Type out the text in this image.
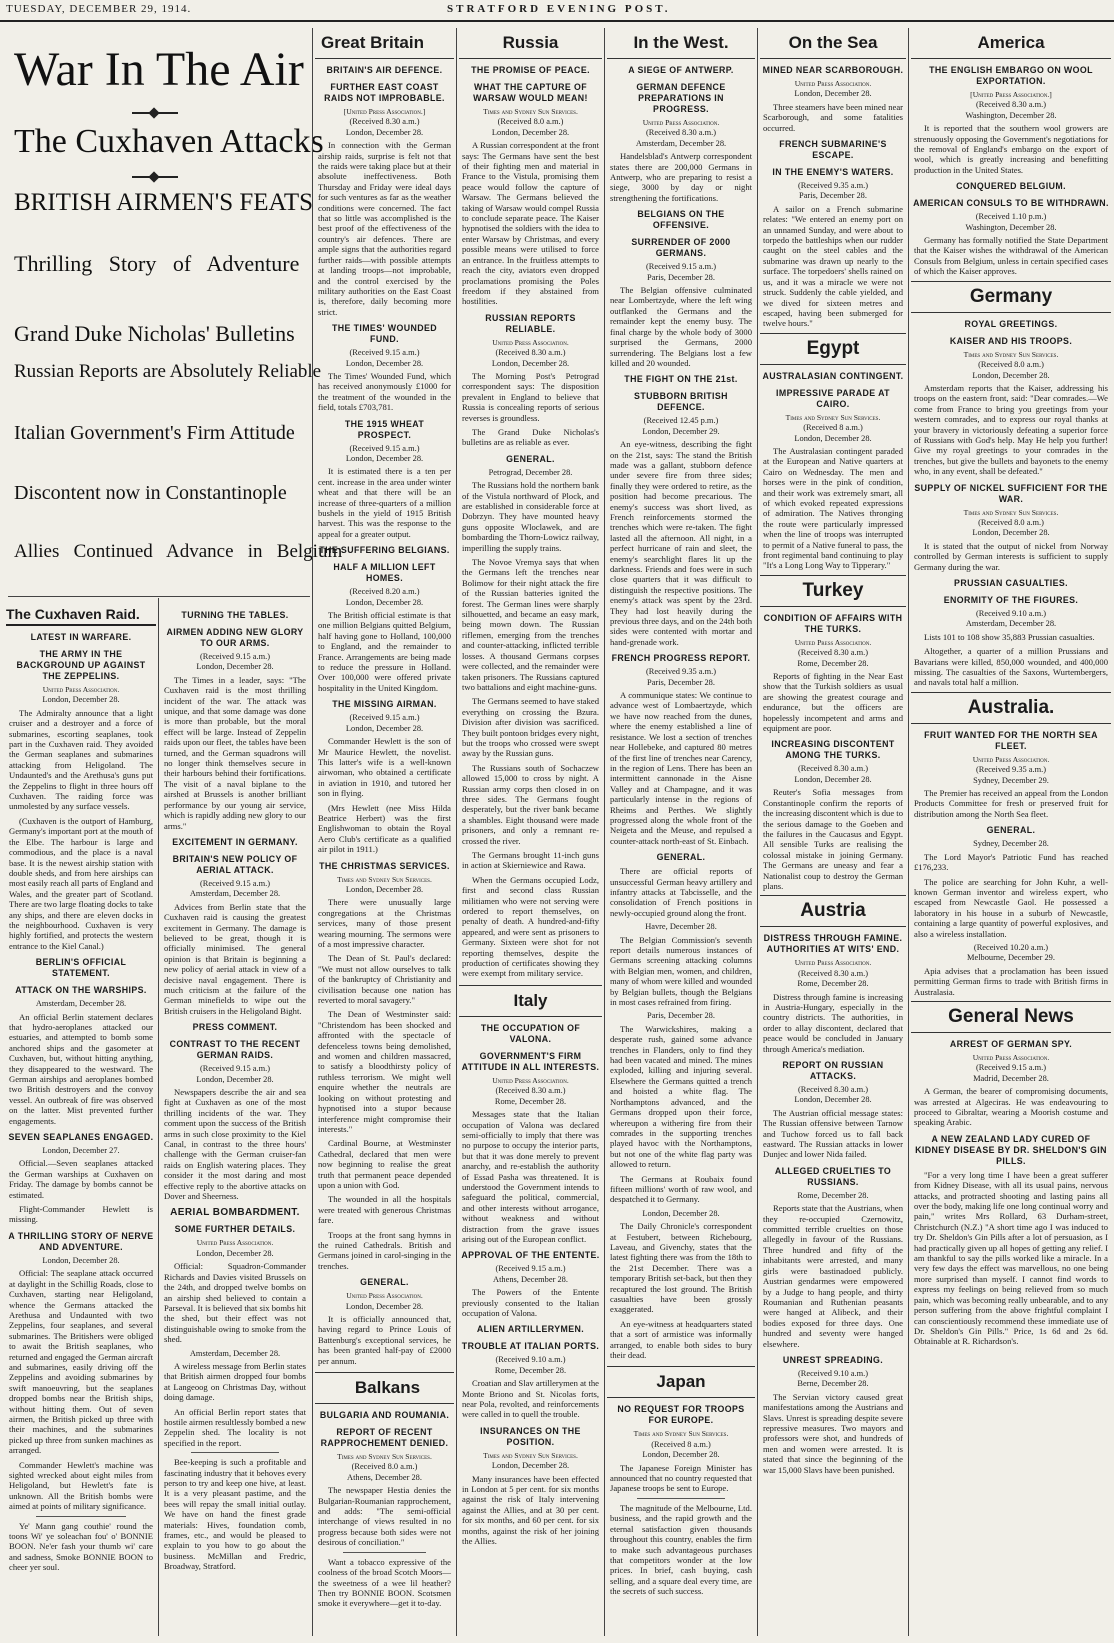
TUESDAY, DECEMBER 29, 1914.	STRATFORD EVENING POST.
War In The Air
The Cuxhaven Attacks
BRITISH AIRMEN'S FEATS
Thrilling   Story   of   Adventure
Grand Duke Nicholas' Bulletins
Russian Reports are Absolutely Reliable
Italian Government's Firm Attitude
Discontent now in Constantinople
Allies   Continued   Advance   in   Belgium
The Cuxhaven Raid.
LATEST IN WARFARE.
THE ARMY IN THE BACKGROUND UP AGAINST THE ZEPPELINS.
United Press Association.

London, December 28.

The Admiralty announce that a light cruiser and a destroyer and a force of submarines, escorting seaplanes, took part in the Cuxhaven raid. They avoided the German seaplanes and submarines attacking from Heligoland. The Undaunted's and the Arethusa's guns put the Zeppelins to flight in three hours off Cuxhaven. The raiding force was unmolested by any surface vessels.

(Cuxhaven is the outport of Hamburg, Germany's important port at the mouth of the Elbe. The harbour is large and commodious, and the place is a naval base. It is the newest airship station with double sheds, and from here airships can most easily reach all parts of England and Wales, and the greater part of Scotland. There are two large floating docks to take any ships, and there are eleven docks in the neighbourhood. Cuxhaven is very highly fortified, and protects the western entrance to the Kiel Canal.)

BERLIN'S OFFICIAL STATEMENT.
ATTACK ON THE WARSHIPS.

Amsterdam, December 28.

An official Berlin statement declares that hydro-aeroplanes attacked our estuaries, and attempted to bomb some anchored ships and the gasometer at Cuxhaven, but, without hitting anything, they disappeared to the westward. The German airships and aeroplanes bombed two British destroyers and the convoy vessel. An outbreak of fire was observed on the latter. Mist prevented further engagements.

SEVEN SEAPLANES ENGAGED.

London, December 27.

Official.—Seven seaplanes attacked the German warships at Cuxhaven on Friday. The damage by bombs cannot be estimated.

Flight-Commander Hewlett is missing.

A THRILLING STORY OF NERVE AND ADVENTURE.

London, December 28.

Official: The seaplane attack occurred at daylight in the Schillig Roads, close to Cuxhaven, starting near Heligoland, whence the Germans attacked the Arethusa and Undaunted with two Zeppelins, four seaplanes, and several submarines. The Britishers were obliged to await the British seaplanes, who returned and engaged the German aircraft and submarines, easily driving off the Zeppelins and avoiding submarines by swift manoeuvring, but the seaplanes dropped bombs near the British ships, without hitting them. Out of seven airmen, the British picked up three with their machines, and the submarines picked up three from sunken machines as arranged.

Commander Hewlett's machine was sighted wrecked about eight miles from Heligoland, but Hewlett's fate is unknown. All the British bombs were aimed at points of military significance.

Ye' Mann gang couthie' round the toons Wi' ye soleachan fou' o' BONNIE BOON. Ne'er fash your thumb wi' care and sadness, Smoke BONNIE BOON to cheer yer soul.

TURNING THE TABLES.
AIRMEN ADDING NEW GLORY TO OUR ARMS.

(Received 9.15 a.m.)

London, December 28.

The Times in a leader, says: "The Cuxhaven raid is the most thrilling incident of the war. The attack was unique, and that some damage was done is more than probable, but the moral effect will be large. Instead of Zeppelin raids upon our fleet, the tables have been turned, and the German squadrons will no longer think themselves secure in their harbours behind their fortifications. The visit of a naval biplane to the airshed at Brussels is another brilliant performance by our young air service, which is rapidly adding new glory to our arms."

EXCITEMENT IN GERMANY.
BRITAIN'S NEW POLICY OF AERIAL ATTACK.

(Received 9.15 a.m.)

Amsterdam, December 28.

Advices from Berlin state that the Cuxhaven raid is causing the greatest excitement in Germany. The damage is believed to be great, though it is officially minimised. The general opinion is that Britain is beginning a new policy of aerial attack in view of a decisive naval engagement. There is much criticism at the failure of the German minefields to wipe out the British cruisers in the Heligoland Bight.

PRESS COMMENT.
CONTRAST TO THE RECENT GERMAN RAIDS.

(Received 9.15 a.m.)

London, December 28.

Newspapers describe the air and sea fight at Cuxhaven as one of the most thrilling incidents of the war. They comment upon the success of the British arms in such close proximity to the Kiel Canal, in contrast to the three hours' challenge with the German cruiser-fan raids on English watering places. They consider it the most daring and most effective reply to the abortive attacks on Dover and Sheerness.

AERIAL BOMBARDMENT.
SOME FURTHER DETAILS.
United Press Association.

London, December 28.

Official: Squadron-Commander Richards and Davies visited Brussels on the 24th, and dropped twelve bombs on an airship shed believed to contain a Parseval. It is believed that six bombs hit the shed, but their effect was not distinguishable owing to smoke from the shed.

Amsterdam, December 28.

A wireless message from Berlin states that British airmen dropped four bombs at Langeoog on Christmas Day, without doing damage.

An official Berlin report states that hostile airmen resultlessly bombed a new Zeppelin shed. The locality is not specified in the report.

Bee-keeping is such a profitable and fascinating industry that it behoves every person to try and keep one hive, at least. It is a very pleasant pastime, and the bees will repay the small initial outlay. We have on hand the finest grade materials: Hives, foundation comb, frames, etc., and would be pleased to explain to you how to go about the business. McMillan and Fredric, Broadway, Stratford.

Great Britain
BRITAIN'S AIR DEFENCE.
FURTHER EAST COAST RAIDS NOT IMPROBABLE.
[United Press Association.]

(Received 8.30 a.m.)

London, December 28.

In connection with the German airship raids, surprise is felt not that the raids were taking place but at their absolute ineffectiveness. Both Thursday and Friday were ideal days for such ventures as far as the weather conditions were concerned. The fact that so little was accomplished is the best proof of the effectiveness of the country's air defences. There are ample signs that the authorities regard further raids—with possible attempts at landing troops—not improbable, and the control exercised by the military authorities on the East Coast is, therefore, daily becoming more strict.

THE TIMES' WOUNDED FUND.

(Received 9.15 a.m.)

London, December 28.

The Times' Wounded Fund, which has received anonymously £1000 for the treatment of the wounded in the field, totals £703,781.

THE 1915 WHEAT PROSPECT.

(Received 9.15 a.m.)

London, December 28.

It is estimated there is a ten per cent. increase in the area under winter wheat and that there will be an increase of three-quarters of a million bushels in the yield of 1915 British harvest. This was the response to the appeal for a greater output.

THE SUFFERING BELGIANS.
HALF A MILLION LEFT HOMES.

(Received 8.20 a.m.)

London, December 28.

The British official estimate is that one million Belgians quitted Belgium, half having gone to Holland, 100,000 to England, and the remainder to France. Arrangements are being made to reduce the pressure in Holland. Over 100,000 were offered private hospitality in the United Kingdom.

THE MISSING AIRMAN.

(Received 9.15 a.m.)

London, December 28.

Commander Hewlett is the son of Mr Maurice Hewlett, the novelist. This latter's wife is a well-known airwoman, who obtained a certificate in aviation in 1910, and tutored her son in flying.

(Mrs Hewlett (nee Miss Hilda Beatrice Herbert) was the first Englishwoman to obtain the Royal Aero Club's certificate as a qualified air pilot in 1911.)

THE CHRISTMAS SERVICES.
Times and Sydney Sun Services.

London, December 28.

There were unusually large congregations at the Christmas services, many of those present wearing mourning. The sermons were of a most impressive character.

The Dean of St. Paul's declared: "We must not allow ourselves to talk of the bankruptcy of Christianity and civilisation because one nation has reverted to moral savagery."

The Dean of Westminster said: "Christendom has been shocked and affronted with the spectacle of defenceless towns being demolished, and women and children massacred, to satisfy a bloodthirsty policy of ruthless terrorism. We might well enquire whether the neutrals are looking on without protesting and hypnotised into a stupor because interference might compromise their interests."

Cardinal Bourne, at Westminster Cathedral, declared that men were now beginning to realise the great truth that permanent peace depended upon a union with God.

The wounded in all the hospitals were treated with generous Christmas fare.

Troops at the front sang hymns in the ruined Cathedrals. British and Germans joined in carol-singing in the trenches.

GENERAL.
United Press Association.

London, December 28.

It is officially announced that, having regard to Prince Louis of Battenburg's exceptional services, he has been granted half-pay of £2000 per annum.

Balkans
BULGARIA AND ROUMANIA.
REPORT OF RECENT RAPPROCHEMENT DENIED.
Times and Sydney Sun Services.

(Received 8.0 a.m.)

Athens, December 28.

The newspaper Hestia denies the Bulgarian-Roumanian rapprochement, and adds: "The semi-official interchange of views resulted in no progress because both sides were not desirous of conciliation."

Want a tobacco expressive of the coolness of the broad Scotch Moors—the sweetness of a wee lil heather? Then try BONNIE BOON. Scotsmen smoke it everywhere—get it to-day.

Russia
THE PROMISE OF PEACE.
WHAT THE CAPTURE OF WARSAW WOULD MEAN!
Times and Sydney Sun Services.

(Received 8.0 a.m.)

London, December 28.

A Russian correspondent at the front says: The Germans have sent the best of their fighting men and material in France to the Vistula, promising them peace would follow the capture of Warsaw. The Germans believed the taking of Warsaw would compel Russia to conclude separate peace. The Kaiser hypnotised the soldiers with the idea to enter Warsaw by Christmas, and every possible means were utilised to force an entrance. In the fruitless attempts to reach the city, aviators even dropped proclamations promising the Poles freedom if they abstained from hostilities.

RUSSIAN REPORTS RELIABLE.
United Press Association.

(Received 8.30 a.m.)

London, December 28.

The Morning Post's Petrograd correspondent says: The disposition prevalent in England to believe that Russia is concealing reports of serious reverses is groundless.

The Grand Duke Nicholas's bulletins are as reliable as ever.

GENERAL.

Petrograd, December 28.

The Russians hold the northern bank of the Vistula northward of Plock, and are established in considerable force at Dobrzyn. They have mounted heavy guns opposite Wloclawek, and are bombarding the Thorn-Lowicz railway, imperilling the supply trains.

The Novoe Vremya says that when the Germans left the trenches near Bolimow for their night attack the fire of the Russian batteries ignited the forest. The German lines were sharply silhouetted, and became an easy mark, being mown down. The Russian riflemen, emerging from the trenches and counter-attacking, inflicted terrible losses. A thousand Germans corpses were collected, and the remainder were taken prisoners. The Russians captured two battalions and eight machine-guns.

The Germans seemed to have staked everything on crossing the Bzura. Division after division was sacrificed. They built pontoon bridges every night, but the troops who crossed were swept away by the Russian guns.

The Russians south of Sochaczew allowed 15,000 to cross by night. A Russian army corps then closed in on three sides. The Germans fought desperately, but the river bank became a shambles. Eight thousand were made prisoners, and only a remnant re-crossed the river.

The Germans brought 11-inch guns in action at Skierniewice and Rawa.

When the Germans occupied Lodz, first and second class Russian militiamen who were not serving were ordered to report themselves, on penalty of death. A hundred-and-fifty appeared, and were sent as prisoners to Germany. Sixteen were shot for not reporting themselves, despite the production of certificates showing they were exempt from military service.

Italy
THE OCCUPATION OF VALONA.
GOVERNMENT'S FIRM ATTITUDE IN ALL INTERESTS.
United Press Association.

(Received 8.30 a.m.)

Rome, December 28.

Messages state that the Italian occupation of Valona was declared semi-officially to imply that there was no purpose to occupy the interior parts, but that it was done merely to prevent anarchy, and re-establish the authority of Essad Pasha was threatened. It is understood the Government intends to safeguard the political, commercial, and other interests without arrogance, without weakness and without distraction from the grave issues arising out of the European conflict.

APPROVAL OF THE ENTENTE.

(Received 9.15 a.m.)

Athens, December 28.

The Powers of the Entente previously consented to the Italian occupation of Valona.

ALIEN ARTILLERYMEN.
TROUBLE AT ITALIAN PORTS.

(Received 9.10 a.m.)

Rome, December 28.

Croatian and Slav artillerymen at the Monte Briono and St. Nicolas forts, near Pola, revolted, and reinforcements were called in to quell the trouble.

INSURANCES ON THE POSITION.
Times and Sydney Sun Services.

London, December 28.

Many insurances have been effected in London at 5 per cent. for six months against the risk of Italy intervening against the Allies, and at 30 per cent. for six months, and 60 per cent. for six months, against the risk of her joining the Allies.

In the West.
A SIEGE OF ANTWERP.
GERMAN DEFENCE PREPARATIONS IN PROGRESS.
United Press Association.

(Received 8.30 a.m.)

Amsterdam, December 28.

Handelsblad's Antwerp correspondent states there are 200,000 Germans in Antwerp, who are preparing to resist a siege, 3000 by day or night strengthening the fortifications.

BELGIANS ON THE OFFENSIVE.
SURRENDER OF 2000 GERMANS.

(Received 9.15 a.m.)

Paris, December 28.

The Belgian offensive culminated near Lombertzyde, where the left wing outflanked the Germans and the remainder kept the enemy busy. The final charge by the whole body of 3000 surprised the Germans, 2000 surrendering. The Belgians lost a few killed and 20 wounded.

THE FIGHT ON THE 21st.
STUBBORN BRITISH DEFENCE.

(Received 12.45 p.m.)

London, December 29.

An eye-witness, describing the fight on the 21st, says: The stand the British made was a gallant, stubborn defence under severe fire from three sides; finally they were ordered to retire, as the position had become precarious. The enemy's success was short lived, as French reinforcements stormed the trenches which were re-taken. The fight lasted all the afternoon. All night, in a perfect hurricane of rain and sleet, the enemy's searchlight flares lit up the darkness. Friends and foes were in such close quarters that it was difficult to distinguish the respective positions. The enemy's attack was spent by the 23rd. They had lost heavily during the previous three days, and on the 24th both sides were contented with mortar and hand-grenade work.

FRENCH PROGRESS REPORT.

(Received 9.35 a.m.)

Paris, December 28.

A communique states: We continue to advance west of Lombaertzyde, which we have now reached from the dunes, where the enemy established a line of resistance. We lost a section of trenches near Hollebeke, and captured 80 metres of the first line of trenches near Carency, in the region of Lens. There has been an intermittent cannonade in the Aisne Valley and at Champagne, and it was particularly intense in the regions of Rheims and Perthes. We slightly progressed along the whole front of the Neigeta and the Meuse, and repulsed a counter-attack north-east of St. Einbach.

GENERAL.

There are official reports of unsuccessful German heavy artillery and infantry attacks at Tabcisselle, and the consolidation of French positions in newly-occupied ground along the front.

Havre, December 28.

The Belgian Commission's seventh report details numerous instances of Germans screening attacking columns with Belgian men, women, and children, many of whom were killed and wounded by Belgian bullets, though the Belgians in most cases refrained from firing.

Paris, December 28.

The Warwickshires, making a desperate rush, gained some advance trenches in Flanders, only to find they had been vacated and mined. The mines exploded, killing and injuring several. Elsewhere the Germans quitted a trench and hoisted a white flag. The Northamptons advanced, and the Germans dropped upon their force, whereupon a withering fire from their comrades in the supporting trenches played havoc with the Northamptons, but not one of the white flag party was allowed to return.

The Germans at Roubaix found fifteen millions' worth of raw wool, and despatched it to Germany.

London, December 28.

The Daily Chronicle's correspondent at Festubert, between Richebourg, Laveau, and Givenchy, states that the latest fighting there was from the 18th to the 21st December. There was a temporary British set-back, but then they recaptured the lost ground. The British casualties have been grossly exaggerated.

An eye-witness at headquarters stated that a sort of armistice was informally arranged, to enable both sides to bury their dead.

Japan
NO REQUEST FOR TROOPS FOR EUROPE.
Times and Sydney Sun Services.

(Received 8 a.m.)

London, December 28.

The Japanese Foreign Minister has announced that no country requested that Japanese troops be sent to Europe.

The magnitude of the Melbourne, Ltd. business, and the rapid growth and the eternal satisfaction given thousands throughout this country, enables the firm to make such advantageous purchases that competitors wonder at the low prices. In brief, cash buying, cash selling, and a square deal every time, are the secrets of such success.

On the Sea
MINED NEAR SCARBOROUGH.
United Press Association.

London, December 28.

Three steamers have been mined near Scarborough, and some fatalities occurred.

FRENCH SUBMARINE'S ESCAPE.
IN THE ENEMY'S WATERS.

(Received 9.35 a.m.)

Paris, December 28.

A sailor on a French submarine relates: "We entered an enemy port on an unnamed Sunday, and were about to torpedo the battleships when our rudder caught on the steel cables and the submarine was drawn up nearly to the surface. The torpedoers' shells rained on us, and it was a miracle we were not struck. Suddenly the cable yielded, and we dived for sixteen metres and escaped, having been submerged for twelve hours."

Egypt
AUSTRALASIAN CONTINGENT.
IMPRESSIVE PARADE AT CAIRO.
Times and Sydney Sun Services.

(Received 8 a.m.)

London, December 28.

The Australasian contingent paraded at the European and Native quarters at Cairo on Wednesday. The men and horses were in the pink of condition, and their work was extremely smart, all of which evoked repeated expressions of admiration. The Natives thronging the route were particularly impressed when the line of troops was interrupted to permit of a Native funeral to pass, the front regimental band continuing to play "It's a Long Long Way to Tipperary."

Turkey
CONDITION OF AFFAIRS WITH THE TURKS.
United Press Association.

(Received 8.30 a.m.)

Rome, December 28.

Reports of fighting in the Near East show that the Turkish soldiers as usual are showing the greatest courage and endurance, but the officers are hopelessly incompetent and arms and equipment are poor.

INCREASING DISCONTENT AMONG THE TURKS.

(Received 8.30 a.m.)

London, December 28.

Reuter's Sofia messages from Constantinople confirm the reports of the increasing discontent which is due to the serious damage to the Goeben and the failures in the Caucasus and Egypt. All sensible Turks are realising the colossal mistake in joining Germany. The Germans are uneasy and fear a Nationalist coup to destroy the German plans.

Austria
DISTRESS THROUGH FAMINE. AUTHORITIES AT WITS' END.
United Press Association.

(Received 8.30 a.m.)

Rome, December 28.

Distress through famine is increasing in Austria-Hungary, especially in the country districts. The authorities, in order to allay discontent, declared that peace would be concluded in January through America's mediation.

REPORT ON RUSSIAN ATTACKS.

(Received 8.30 a.m.)

London, December 28.

The Austrian official message states: The Russian offensive between Tarnow and Tuchow forced us to fall back eastward. The Russian attacks in lower Dunjec and lower Nida failed.

ALLEGED CRUELTIES TO RUSSIANS.

Rome, December 28.

Reports state that the Austrians, when they re-occupied Czernowitz, committed terrible cruelties on those allegedly in favour of the Russians. Three hundred and fifty of the inhabitants were arrested, and many girls were bastinadoed publicly. Austrian gendarmes were empowered by a Judge to hang people, and thirty Roumanian and Ruthenian peasants were hanged at Alibeck, and their bodies exposed for three days. One hundred and seventy were hanged elsewhere.

UNREST SPREADING.

(Received 9.10 a.m.)

Berne, December 28.

The Servian victory caused great manifestations among the Austrians and Slavs. Unrest is spreading despite severe repressive measures. Two mayors and professors were shot, and hundreds of men and women were arrested. It is stated that since the beginning of the war 15,000 Slavs have been punished.

America
THE ENGLISH EMBARGO ON WOOL EXPORTATION.
[United Press Association.]

(Received 8.30 a.m.)

Washington, December 28.

It is reported that the southern wool growers are strenuously opposing the Government's negotiations for the removal of England's embargo on the export of wool, which is greatly increasing and benefitting production in the United States.

CONQUERED BELGIUM.
AMERICAN CONSULS TO BE WITHDRAWN.

(Received 1.10 p.m.)

Washington, December 28.

Germany has formally notified the State Department that the Kaiser wishes the withdrawal of the American Consuls from Belgium, unless in certain specified cases of which the Kaiser approves.

Germany
ROYAL GREETINGS.
KAISER AND HIS TROOPS.
Times and Sydney Sun Services.

(Received 8.0 a.m.)

London, December 28.

Amsterdam reports that the Kaiser, addressing his troops on the eastern front, said: "Dear comrades.—We come from France to bring you greetings from your western comrades, and to express our royal thanks at your bravery in victoriously defeating a superior force of Russians with God's help. May He help you further! Give my royal greetings to your comrades in the trenches, but give the bullets and bayonets to the enemy who, in any event, shall be defeated."

SUPPLY OF NICKEL SUFFICIENT FOR THE WAR.
Times and Sydney Sun Services.

(Received 8.0 a.m.)

London, December 28.

It is stated that the output of nickel from Norway controlled by German interests is sufficient to supply Germany during the war.

PRUSSIAN CASUALTIES.
ENORMITY OF THE FIGURES.

(Received 9.10 a.m.)

Amsterdam, December 28.

Lists 101 to 108 show 35,883 Prussian casualties.

Altogether, a quarter of a million Prussians and Bavarians were killed, 850,000 wounded, and 400,000 missing. The casualties of the Saxons, Wurtembergers, and navals total half a million.

Australia.
FRUIT WANTED FOR THE NORTH SEA FLEET.
United Press Association.

(Received 9.35 a.m.)

Sydney, December 29.

The Premier has received an appeal from the London Products Committee for fresh or preserved fruit for distribution among the North Sea fleet.

GENERAL.

Sydney, December 28.

The Lord Mayor's Patriotic Fund has reached £176,233.

The police are searching for John Kuhr, a well-known German inventor and wireless expert, who escaped from Newcastle Gaol. He possessed a laboratory in his house in a suburb of Newcastle, containing a large quantity of powerful explosives, and also a wireless installation.

(Received 10.20 a.m.)

Melbourne, December 29.

Apia advises that a proclamation has been issued permitting German firms to trade with British firms in Australasia.

General News
ARREST OF GERMAN SPY.
United Press Association.

(Received 9.15 a.m.)

Madrid, December 28.

A German, the bearer of compromising documents, was arrested at Algeciras. He was endeavouring to proceed to Gibraltar, wearing a Moorish costume and speaking Arabic.

A NEW ZEALAND LADY CURED OF KIDNEY DISEASE BY DR. SHELDON'S GIN PILLS.

"For a very long time I have been a great sufferer from Kidney Disease, with all its usual pains, nervous attacks, and protracted shooting and lasting pains all over the body, making life one long continual worry and pain," writes Mrs Rollard, 63 Durham-street, Christchurch (N.Z.) "A short time ago I was induced to try Dr. Sheldon's Gin Pills after a lot of persuasion, as I had practically given up all hopes of getting any relief. I am thankful to say the pills worked like a miracle. In a very few days the effect was marvellous, no one being more surprised than myself. I cannot find words to express my feelings on being relieved from so much pain, which was becoming really unbearable, and to any person suffering from the above frightful complaint I can conscientiously recommend these immediate use of Dr. Sheldon's Gin Pills." Price, 1s 6d and 2s 6d. Obtainable at R. Richardson's.
